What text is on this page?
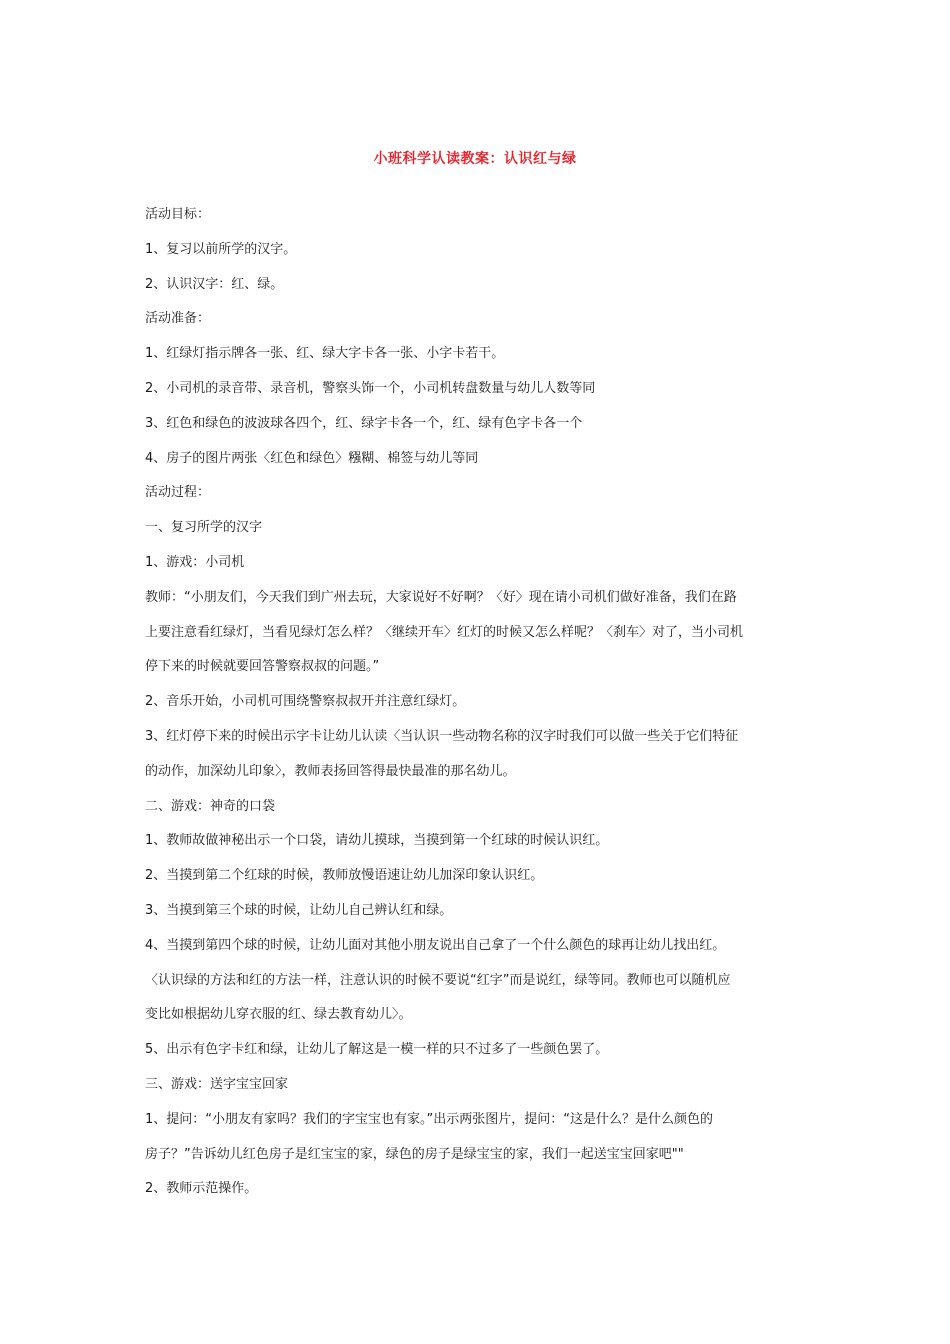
小班科学认读教案：认识红与绿

活动目标：

1、复习以前所学的汉字。

2、认识汉字：红、绿。

活动准备：

1、红绿灯指示牌各一张、红、绿大字卡各一张、小字卡若干。

2、小司机的录音带、录音机，警察头饰一个，小司机转盘数量与幼儿人数等同

3、红色和绿色的波波球各四个，红、绿字卡各一个，红、绿有色字卡各一个

4、房子的图片两张〈红色和绿色〉糨糊、棉签与幼儿等同

活动过程：

一、复习所学的汉字

1、游戏：小司机

教师：“小朋友们，今天我们到广州去玩，大家说好不好啊？〈好〉现在请小司机们做好准备，我们在路

上要注意看红绿灯，当看见绿灯怎么样？〈继续开车〉红灯的时候又怎么样呢？〈刹车〉对了，当小司机

停下来的时候就要回答警察叔叔的问题。”

2、音乐开始，小司机可围绕警察叔叔开并注意红绿灯。

3、红灯停下来的时候出示字卡让幼儿认读〈当认识一些动物名称的汉字时我们可以做一些关于它们特征

的动作，加深幼儿印象〉，教师表扬回答得最快最准的那名幼儿。

二、游戏：神奇的口袋

1、教师故做神秘出示一个口袋，请幼儿摸球，当摸到第一个红球的时候认识红。

2、当摸到第二个红球的时候，教师放慢语速让幼儿加深印象认识红。

3、当摸到第三个球的时候，让幼儿自己辨认红和绿。

4、当摸到第四个球的时候，让幼儿面对其他小朋友说出自己拿了一个什么颜色的球再让幼儿找出红。

〈认识绿的方法和红的方法一样，注意认识的时候不要说“红字”而是说红，绿等同。教师也可以随机应

变比如根据幼儿穿衣服的红、绿去教育幼儿〉。

5、出示有色字卡红和绿，让幼儿了解这是一模一样的只不过多了一些颜色罢了。

三、游戏：送字宝宝回家

1、提问：“小朋友有家吗？我们的字宝宝也有家。”出示两张图片，提问：“这是什么？是什么颜色的

房子？”告诉幼儿红色房子是红宝宝的家，绿色的房子是绿宝宝的家，我们一起送宝宝回家吧""

2、教师示范操作。
